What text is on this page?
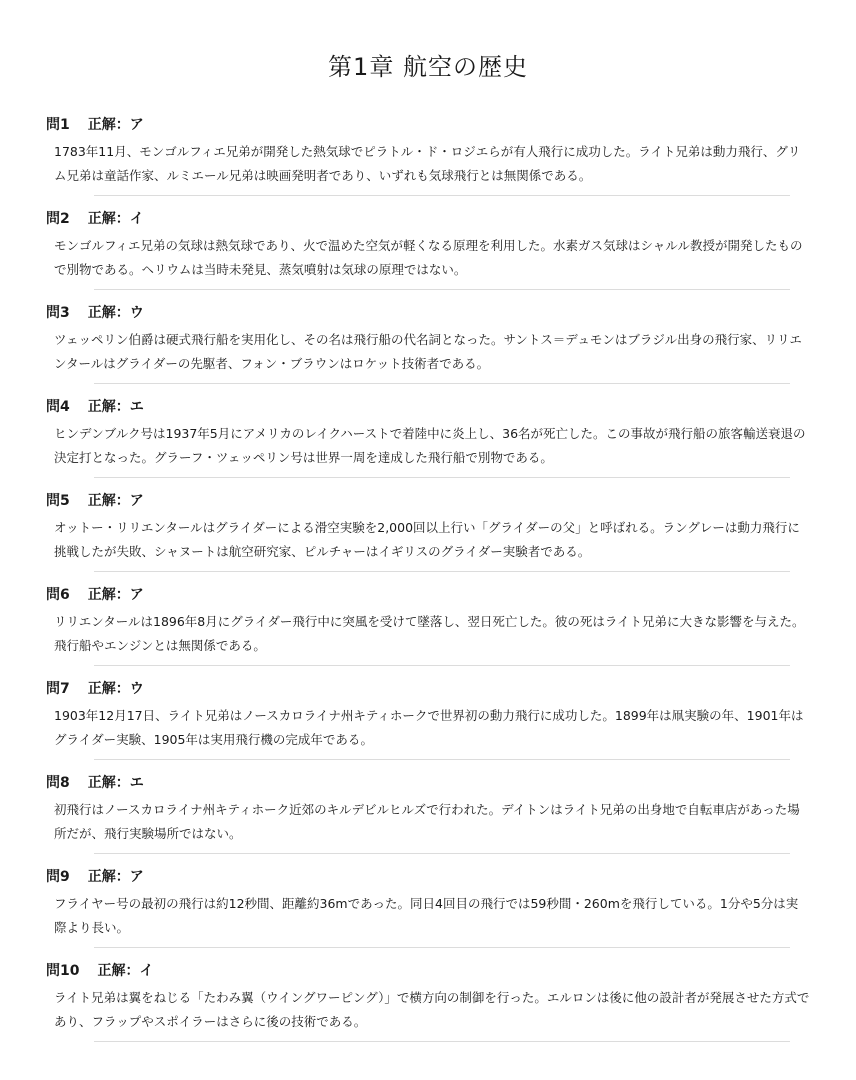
第1章 航空の歴史
問1 正解：ア
1783年11月、モンゴルフィエ兄弟が開発した熱気球でピラトル・ド・ロジエらが有人飛行に成功した。ライト兄弟は動力飛行、グリム兄弟は童話作家、ルミエール兄弟は映画発明者であり、いずれも気球飛行とは無関係である。
問2 正解：イ
モンゴルフィエ兄弟の気球は熱気球であり、火で温めた空気が軽くなる原理を利用した。水素ガス気球はシャルル教授が開発したもので別物である。ヘリウムは当時未発見、蒸気噴射は気球の原理ではない。
問3 正解：ウ
ツェッペリン伯爵は硬式飛行船を実用化し、その名は飛行船の代名詞となった。サントス＝デュモンはブラジル出身の飛行家、リリエンタールはグライダーの先駆者、フォン・ブラウンはロケット技術者である。
問4 正解：エ
ヒンデンブルク号は1937年5月にアメリカのレイクハーストで着陸中に炎上し、36名が死亡した。この事故が飛行船の旅客輸送衰退の決定打となった。グラーフ・ツェッペリン号は世界一周を達成した飛行船で別物である。
問5 正解：ア
オットー・リリエンタールはグライダーによる滑空実験を2,000回以上行い「グライダーの父」と呼ばれる。ラングレーは動力飛行に挑戦したが失敗、シャヌートは航空研究家、ピルチャーはイギリスのグライダー実験者である。
問6 正解：ア
リリエンタールは1896年8月にグライダー飛行中に突風を受けて墜落し、翌日死亡した。彼の死はライト兄弟に大きな影響を与えた。飛行船やエンジンとは無関係である。
問7 正解：ウ
1903年12月17日、ライト兄弟はノースカロライナ州キティホークで世界初の動力飛行に成功した。1899年は凧実験の年、1901年はグライダー実験、1905年は実用飛行機の完成年である。
問8 正解：エ
初飛行はノースカロライナ州キティホーク近郊のキルデビルヒルズで行われた。デイトンはライト兄弟の出身地で自転車店があった場所だが、飛行実験場所ではない。
問9 正解：ア
フライヤー号の最初の飛行は約12秒間、距離約36mであった。同日4回目の飛行では59秒間・260mを飛行している。1分や5分は実際より長い。
問10 正解：イ
ライト兄弟は翼をねじる「たわみ翼（ウイングワーピング）」で横方向の制御を行った。エルロンは後に他の設計者が発展させた方式であり、フラップやスポイラーはさらに後の技術である。
